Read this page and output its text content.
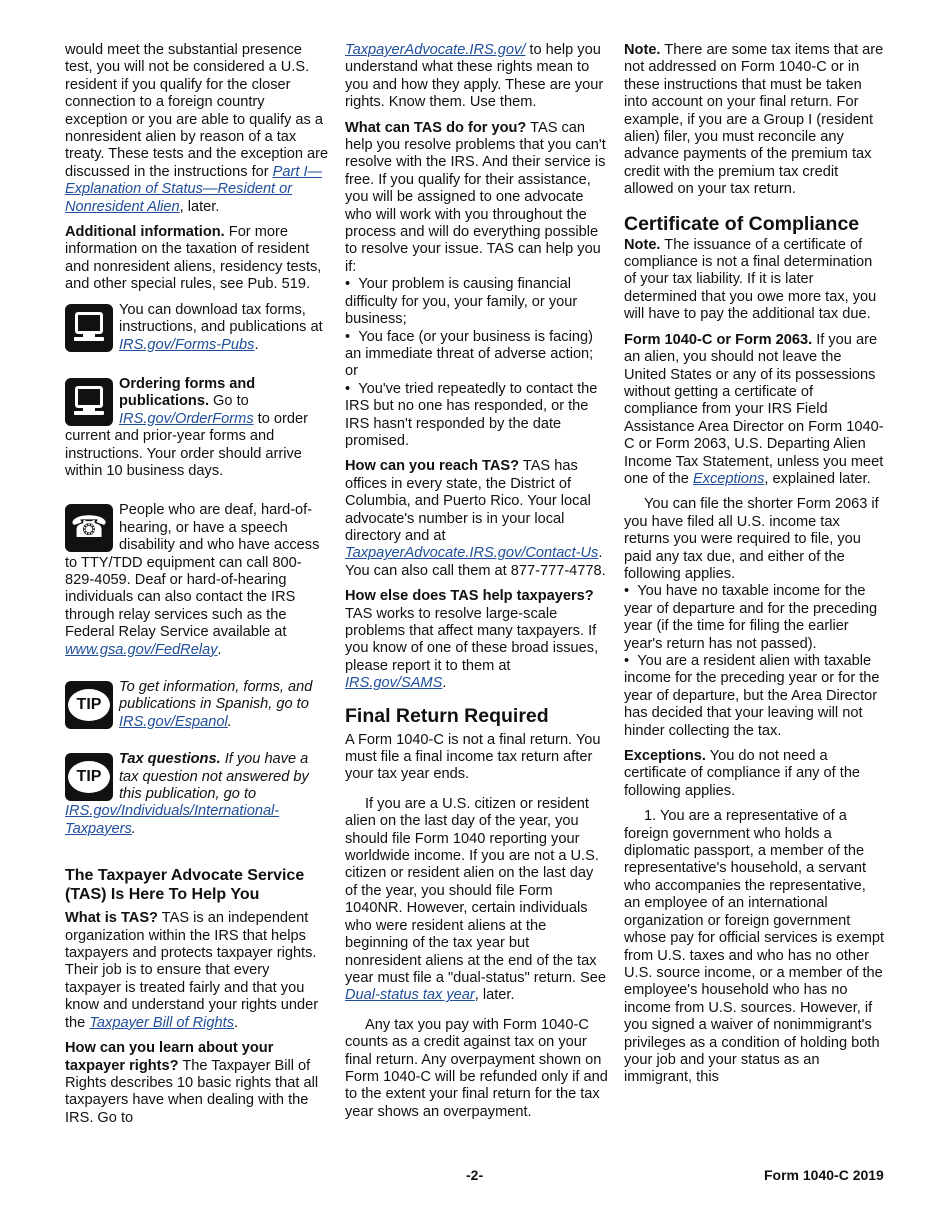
would meet the substantial presence test, you will not be considered a U.S. resident if you qualify for the closer connection to a foreign country exception or you are able to qualify as a nonresident alien by reason of a tax treaty. These tests and the exception are discussed in the instructions for Part I—Explanation of Status—Resident or Nonresident Alien, later.

Additional information. For more information on the taxation of resident and nonresident aliens, residency tests, and other special rules, see Pub. 519.

You can download tax forms, instructions, and publications at IRS.gov/Forms-Pubs.

Ordering forms and publications. Go to IRS.gov/OrderForms to order current and prior-year forms and instructions. Your order should arrive within 10 business days.

☎

People who are deaf, hard-of-hearing, or have a speech disability and who have access to TTY/TDD equipment can call 800-829-4059. Deaf or hard-of-hearing individuals can also contact the IRS through relay services such as the Federal Relay Service available at www.gsa.gov/FedRelay.

TIP

To get information, forms, and publications in Spanish, go to IRS.gov/Espanol.

TIP

Tax questions. If you have a tax question not answered by this publication, go to IRS.gov/Individuals/International-Taxpayers.

The Taxpayer Advocate Service (TAS) Is Here To Help You

What is TAS? TAS is an independent organization within the IRS that helps taxpayers and protects taxpayer rights. Their job is to ensure that every taxpayer is treated fairly and that you know and understand your rights under the Taxpayer Bill of Rights.

How can you learn about your taxpayer rights? The Taxpayer Bill of Rights describes 10 basic rights that all taxpayers have when dealing with the IRS. Go to

TaxpayerAdvocate.IRS.gov/ to help you understand what these rights mean to you and how they apply. These are your rights. Know them. Use them.

What can TAS do for you? TAS can help you resolve problems that you can't resolve with the IRS. And their service is free. If you qualify for their assistance, you will be assigned to one advocate who will work with you throughout the process and will do everything possible to resolve your issue. TAS can help you if:

•  Your problem is causing financial difficulty for you, your family, or your business;
•  You face (or your business is facing) an immediate threat of adverse action; or
•  You've tried repeatedly to contact the IRS but no one has responded, or the IRS hasn't responded by the date promised.

How can you reach TAS? TAS has offices in every state, the District of Columbia, and Puerto Rico. Your local advocate's number is in your local directory and at TaxpayerAdvocate.IRS.gov/Contact-Us. You can also call them at 877-777-4778.

How else does TAS help taxpayers? TAS works to resolve large-scale problems that affect many taxpayers. If you know of one of these broad issues, please report it to them at IRS.gov/SAMS.

Final Return Required

A Form 1040-C is not a final return. You must file a final income tax return after your tax year ends.

If you are a U.S. citizen or resident alien on the last day of the year, you should file Form 1040 reporting your worldwide income. If you are not a U.S. citizen or resident alien on the last day of the year, you should file Form 1040NR. However, certain individuals who were resident aliens at the beginning of the tax year but nonresident aliens at the end of the tax year must file a "dual-status" return. See Dual-status tax year, later.

Any tax you pay with Form 1040-C counts as a credit against tax on your final return. Any overpayment shown on Form 1040-C will be refunded only if and to the extent your final return for the tax year shows an overpayment.

Note. There are some tax items that are not addressed on Form 1040-C or in these instructions that must be taken into account on your final return. For example, if you are a Group I (resident alien) filer, you must reconcile any advance payments of the premium tax credit with the premium tax credit allowed on your tax return.

Certificate of Compliance

Note. The issuance of a certificate of compliance is not a final determination of your tax liability. If it is later determined that you owe more tax, you will have to pay the additional tax due.

Form 1040-C or Form 2063. If you are an alien, you should not leave the United States or any of its possessions without getting a certificate of compliance from your IRS Field Assistance Area Director on Form 1040-C or Form 2063, U.S. Departing Alien Income Tax Statement, unless you meet one of the Exceptions, explained later.

You can file the shorter Form 2063 if you have filed all U.S. income tax returns you were required to file, you paid any tax due, and either of the following applies.

•  You have no taxable income for the year of departure and for the preceding year (if the time for filing the earlier year's return has not passed).
•  You are a resident alien with taxable income for the preceding year or for the year of departure, but the Area Director has decided that your leaving will not hinder collecting the tax.

Exceptions. You do not need a certificate of compliance if any of the following applies.

1. You are a representative of a foreign government who holds a diplomatic passport, a member of the representative's household, a servant who accompanies the representative, an employee of an international organization or foreign government whose pay for official services is exempt from U.S. taxes and who has no other U.S. source income, or a member of the employee's household who has no income from U.S. sources. However, if you signed a waiver of nonimmigrant's privileges as a condition of holding both your job and your status as an immigrant, this

-2-	Form 1040-C 2019
